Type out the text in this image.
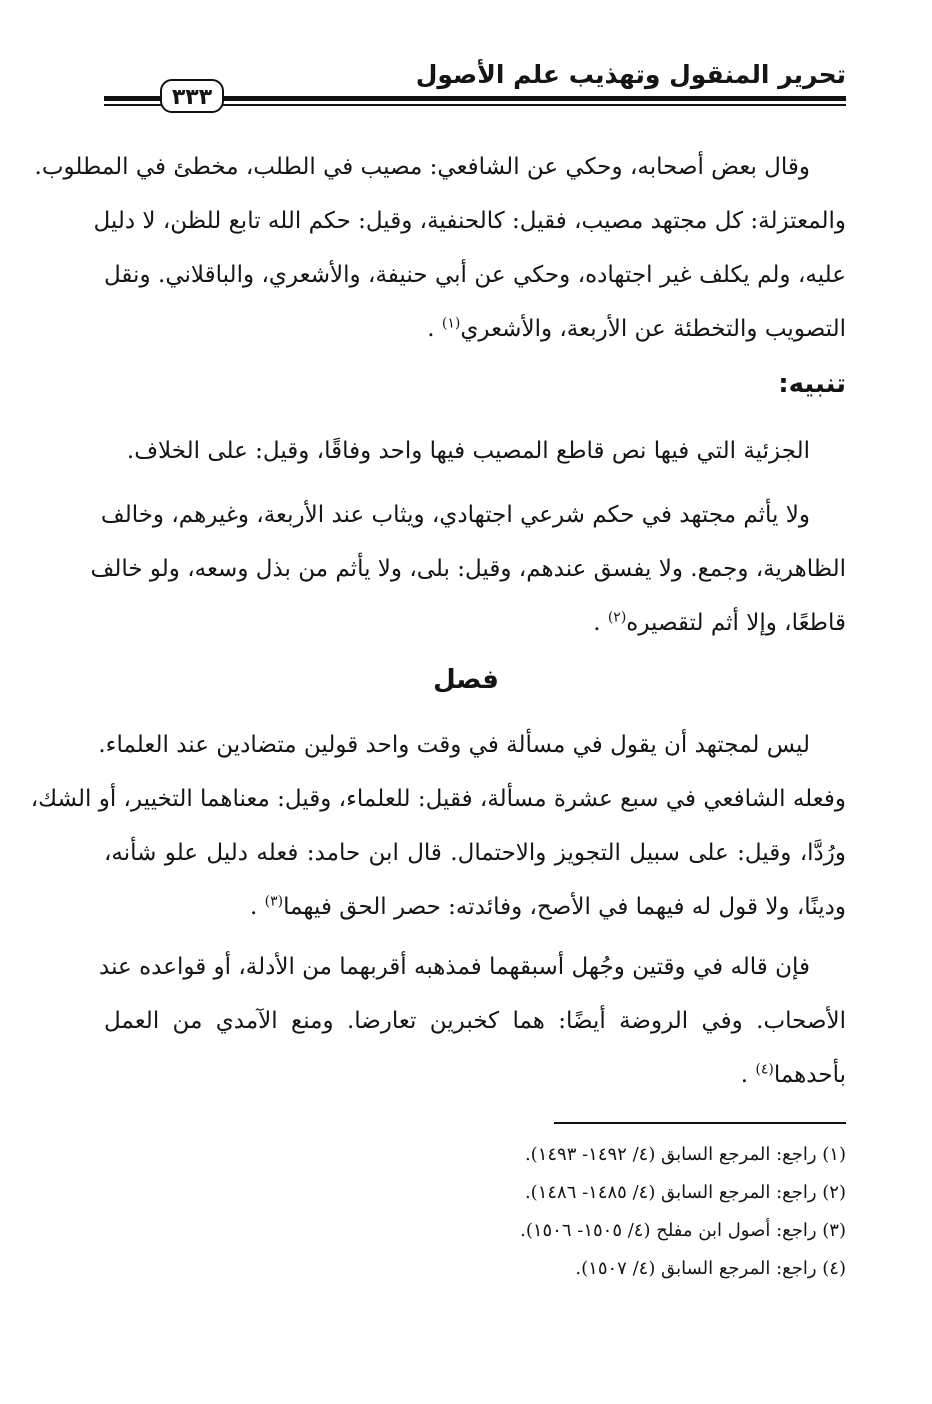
تحرير المنقول وتهذيب علم الأصول
٣٣٣
وقال بعض أصحابه، وحكي عن الشافعي: مصيب في الطلب، مخطئ في المطلوب.
والمعتزلة: كل مجتهد مصيب، فقيل: كالحنفية، وقيل: حكم الله تابع للظن، لا دليل
عليه، ولم يكلف غير اجتهاده، وحكي عن أبي حنيفة، والأشعري، والباقلاني. ونقل
التصويب والتخطئة عن الأربعة، والأشعري$^{(١)}$ .
تنبيه:
الجزئية التي فيها نص قاطع المصيب فيها واحد وفاقًا، وقيل: على الخلاف.
ولا يأثم مجتهد في حكم شرعي اجتهادي، ويثاب عند الأربعة، وغيرهم، وخالف
الظاهرية، وجمع. ولا يفسق عندهم، وقيل: بلى، ولا يأثم من بذل وسعه، ولو خالف
قاطعًا، وإلا أثم لتقصيره$^{(٢)}$ .
فصل
ليس لمجتهد أن يقول في مسألة في وقت واحد قولين متضادين عند العلماء.
وفعله الشافعي في سبع عشرة مسألة، فقيل: للعلماء، وقيل: معناهما التخيير، أو الشك،
ورُدَّا، وقيل: على سبيل التجويز والاحتمال. قال ابن حامد: فعله دليل علو شأنه،
ودينًا، ولا قول له فيهما في الأصح، وفائدته: حصر الحق فيهما$^{(٣)}$ .
فإن قاله في وقتين وجُهل أسبقهما فمذهبه أقربهما من الأدلة، أو قواعده عند
الأصحاب. وفي الروضة أيضًا: هما كخبرين تعارضا. ومنع الآمدي من العمل
بأحدهما$^{(٤)}$ .
(١) راجع: المرجع السابق (٤/ ١٤٩٢- ١٤٩٣).
(٢) راجع: المرجع السابق (٤/ ١٤٨٥- ١٤٨٦).
(٣) راجع: أصول ابن مفلح (٤/ ١٥٠٥- ١٥٠٦).
(٤) راجع: المرجع السابق (٤/ ١٥٠٧).
